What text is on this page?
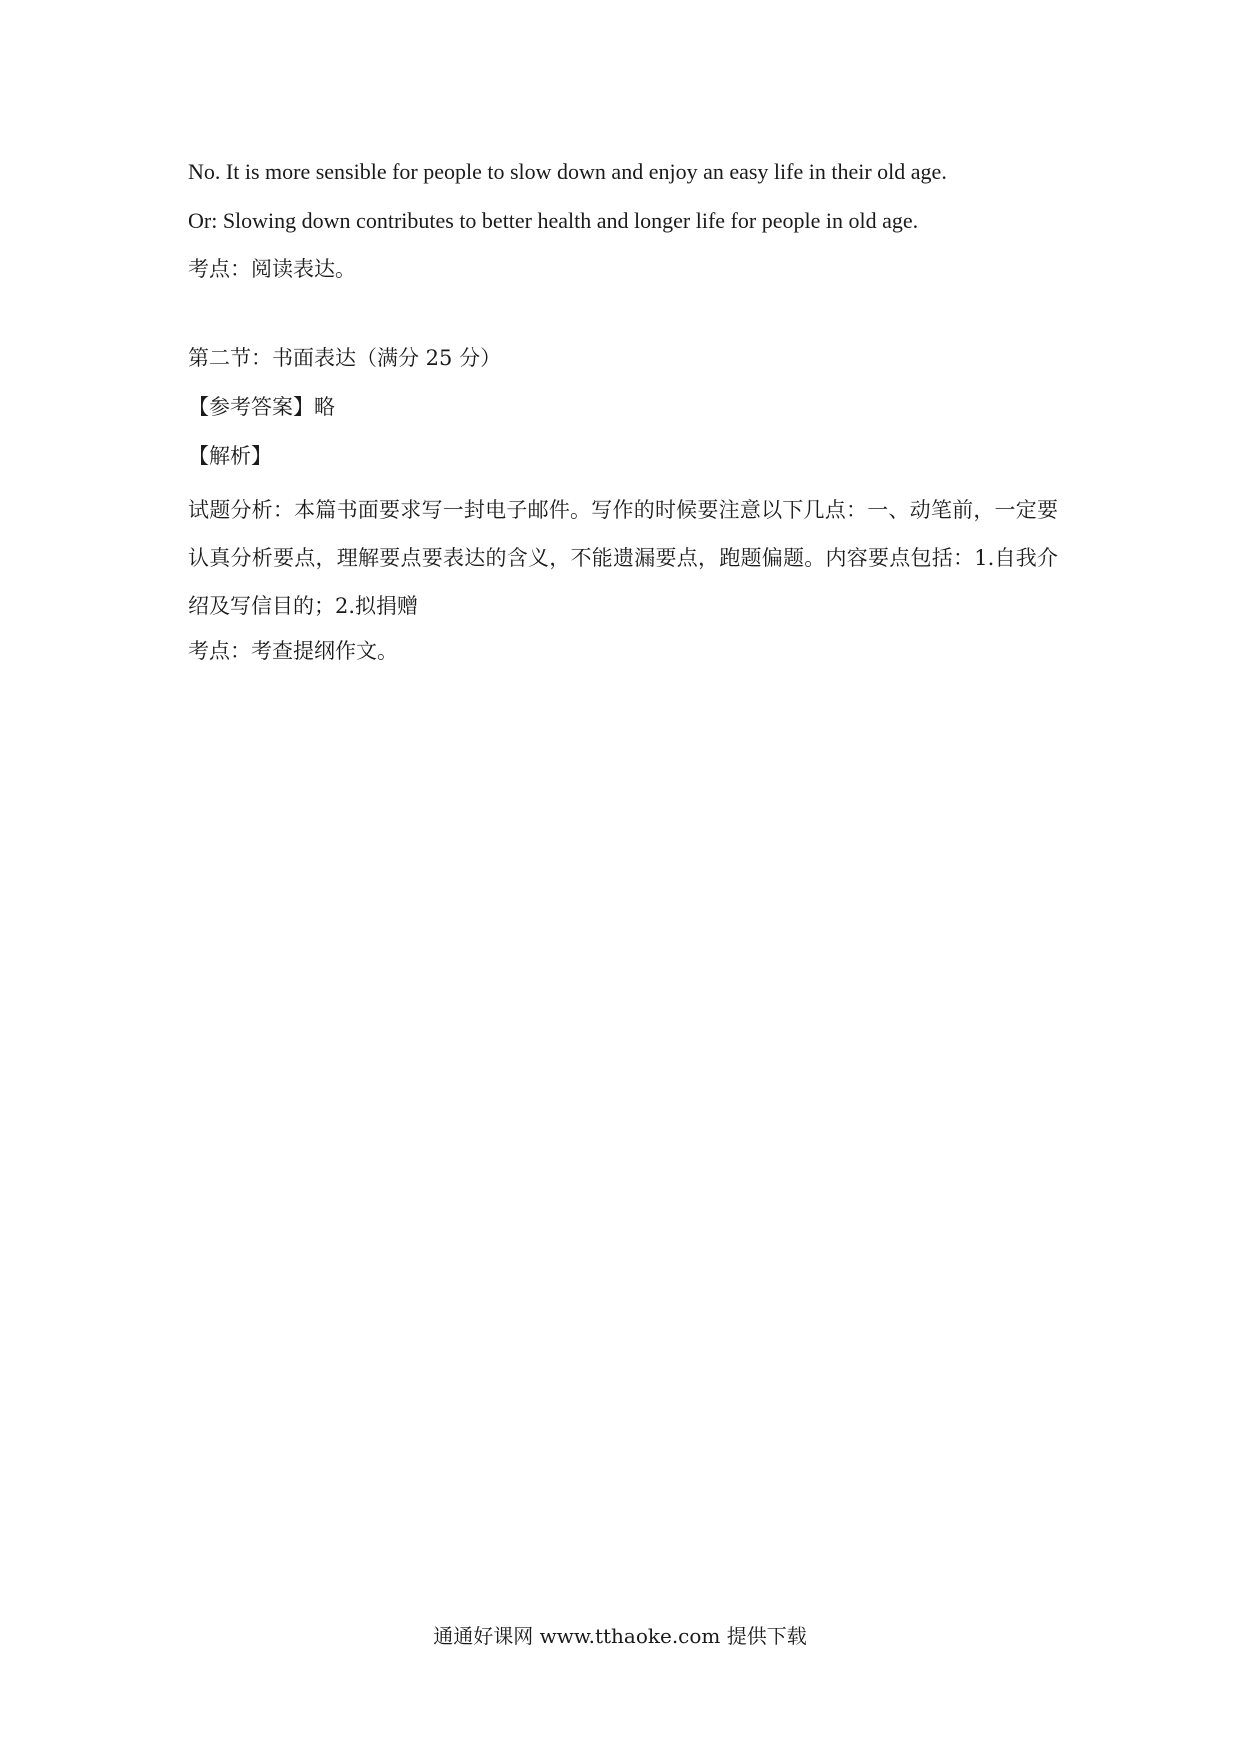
No. It is more sensible for people to slow down and enjoy an easy life in their old age.

Or: Slowing down contributes to better health and longer life for people in old age.

考点：阅读表达。

第二节：书面表达（满分 25 分）

【参考答案】略

【解析】

试题分析：本篇书面要求写一封电子邮件。写作的时候要注意以下几点：一、动笔前，一定要认真分析要点，理解要点要表达的含义，不能遗漏要点，跑题偏题。内容要点包括：1.自我介绍及写信目的；2.拟捐赠

考点：考查提纲作文。

通通好课网 www.tthaoke.com 提供下载
